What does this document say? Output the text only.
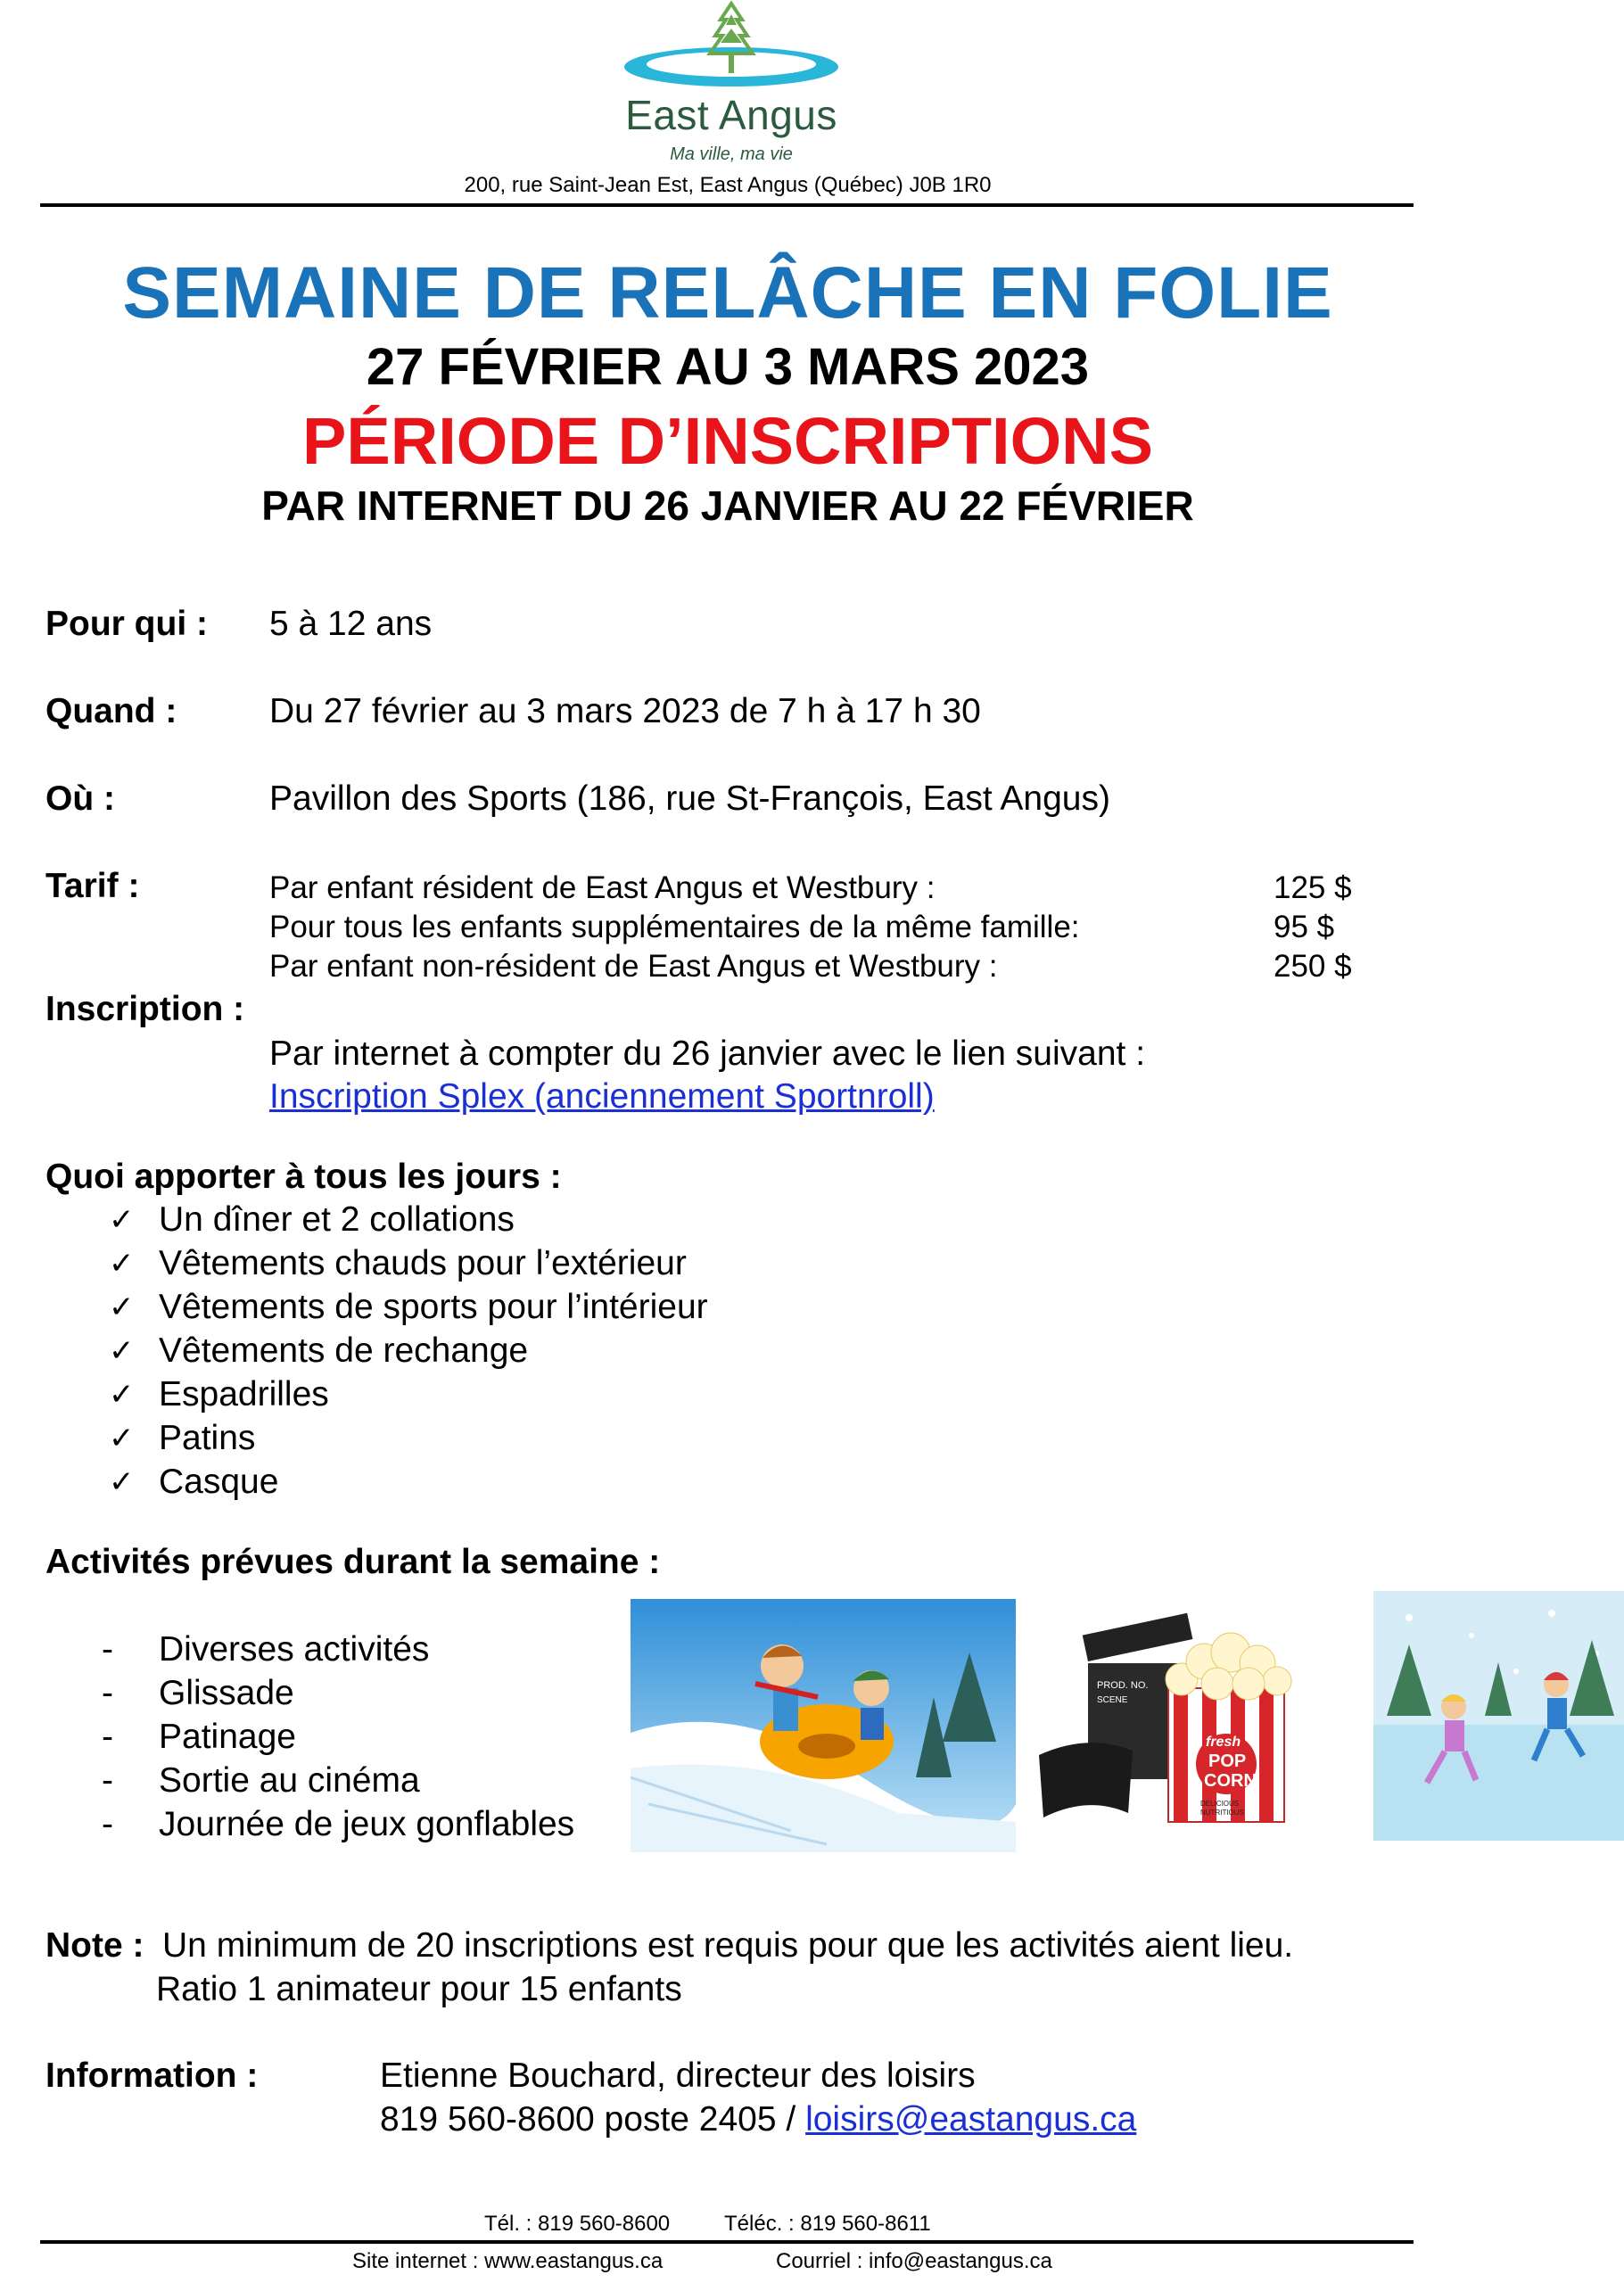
East Angus
Ma ville, ma vie
200, rue Saint-Jean Est, East Angus (Québec) J0B 1R0
SEMAINE DE RELÂCHE EN FOLIE
27 FÉVRIER AU 3 MARS 2023
PÉRIODE D’INSCRIPTIONS
PAR INTERNET DU 26 JANVIER AU 22 FÉVRIER
Pour qui : 5 à 12 ans
Quand :	Du 27 février au 3 mars 2023 de 7 h à 17 h 30
Où :	Pavillon des Sports (186, rue St-François, East Angus)
Tarif :	Par enfant résident de East Angus et Westbury :	125 $
Pour tous les enfants supplémentaires de la même famille:	95 $
Par enfant non-résident de East Angus et Westbury :	250 $
Inscription :
Par internet à compter du 26 janvier avec le lien suivant :
Inscription Splex (anciennement Sportnroll)
Quoi apporter à tous les jours :
✓ Un dîner et 2 collations
✓ Vêtements chauds pour l’extérieur
✓ Vêtements de sports pour l’intérieur
✓ Vêtements de rechange
✓ Espadrilles
✓ Patins
✓ Casque
Activités prévues durant la semaine :
- Diverses activités
- Glissade
- Patinage
- Sortie au cinéma
- Journée de jeux gonflables
PROD. NO.
SCENE
fresh
POP
CORN
DELICIOUS
NUTRITIOUS
Note : Un minimum de 20 inscriptions est requis pour que les activités aient lieu.
Ratio 1 animateur pour 15 enfants
Information :	Etienne Bouchard, directeur des loisirs
819 560-8600 poste 2405 / loisirs@eastangus.ca
Tél. : 819 560-8600	Téléc. : 819 560-8611
Site internet : www.eastangus.ca	Courriel : info@eastangus.ca
